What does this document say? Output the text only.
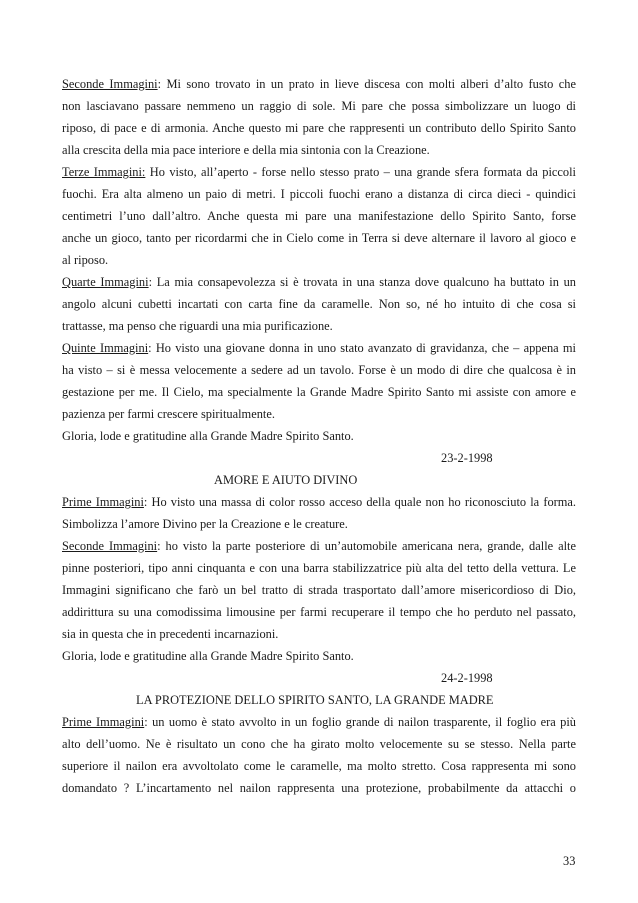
Seconde Immagini: Mi sono trovato in un prato in lieve discesa con molti alberi d’alto fusto che
non lasciavano passare nemmeno un raggio di sole. Mi pare che possa simbolizzare un luogo di
riposo, di pace e di armonia. Anche questo mi pare che rappresenti un contributo dello Spirito Santo
alla crescita della mia pace interiore e della mia sintonia con la Creazione.
Terze Immagini: Ho visto, all’aperto - forse nello stesso prato – una grande sfera formata da piccoli
fuochi. Era alta almeno un paio di metri. I piccoli fuochi erano a distanza di circa dieci - quindici
centimetri l’uno dall’altro. Anche questa mi pare una manifestazione dello Spirito Santo, forse
anche un gioco, tanto per ricordarmi che in Cielo come in Terra si deve alternare il lavoro al gioco e
al riposo.
Quarte Immagini: La mia consapevolezza si è trovata in una stanza dove qualcuno ha buttato in un
angolo alcuni cubetti incartati con carta fine da caramelle. Non so, né ho intuito di che cosa si
trattasse, ma penso che riguardi una mia purificazione.
Quinte Immagini: Ho visto una giovane donna in uno stato avanzato di gravidanza, che – appena mi
ha visto – si è messa velocemente a sedere ad un tavolo. Forse è un modo di dire che qualcosa è in
gestazione per me. Il Cielo, ma specialmente la Grande Madre Spirito Santo mi assiste con amore e
pazienza per farmi crescere spiritualmente.
Gloria, lode e gratitudine alla Grande Madre Spirito Santo.
23-2-1998
AMORE E AIUTO DIVINO
Prime Immagini: Ho visto una massa di color rosso acceso della quale non ho riconosciuto la forma.
Simbolizza l’amore Divino per la Creazione e le creature.
Seconde Immagini: ho visto la parte posteriore di un’automobile americana nera, grande, dalle alte
pinne posteriori, tipo anni cinquanta e con una barra stabilizzatrice più alta del tetto della vettura. Le
Immagini significano che farò un bel tratto di strada trasportato dall’amore misericordioso di Dio,
addirittura su una comodissima limousine per farmi recuperare il tempo che ho perduto nel passato,
sia in questa che in precedenti incarnazioni.
Gloria, lode e gratitudine alla Grande Madre Spirito Santo.
24-2-1998
LA PROTEZIONE DELLO SPIRITO SANTO, LA GRANDE MADRE
Prime Immagini: un uomo è stato avvolto in un foglio grande di nailon trasparente, il foglio era più
alto dell’uomo. Ne è risultato un cono che ha girato molto velocemente su se stesso. Nella parte
superiore il nailon era avvoltolato come le caramelle, ma molto stretto. Cosa rappresenta mi sono
domandato ? L’incartamento nel nailon rappresenta una protezione, probabilmente da attacchi o
33
